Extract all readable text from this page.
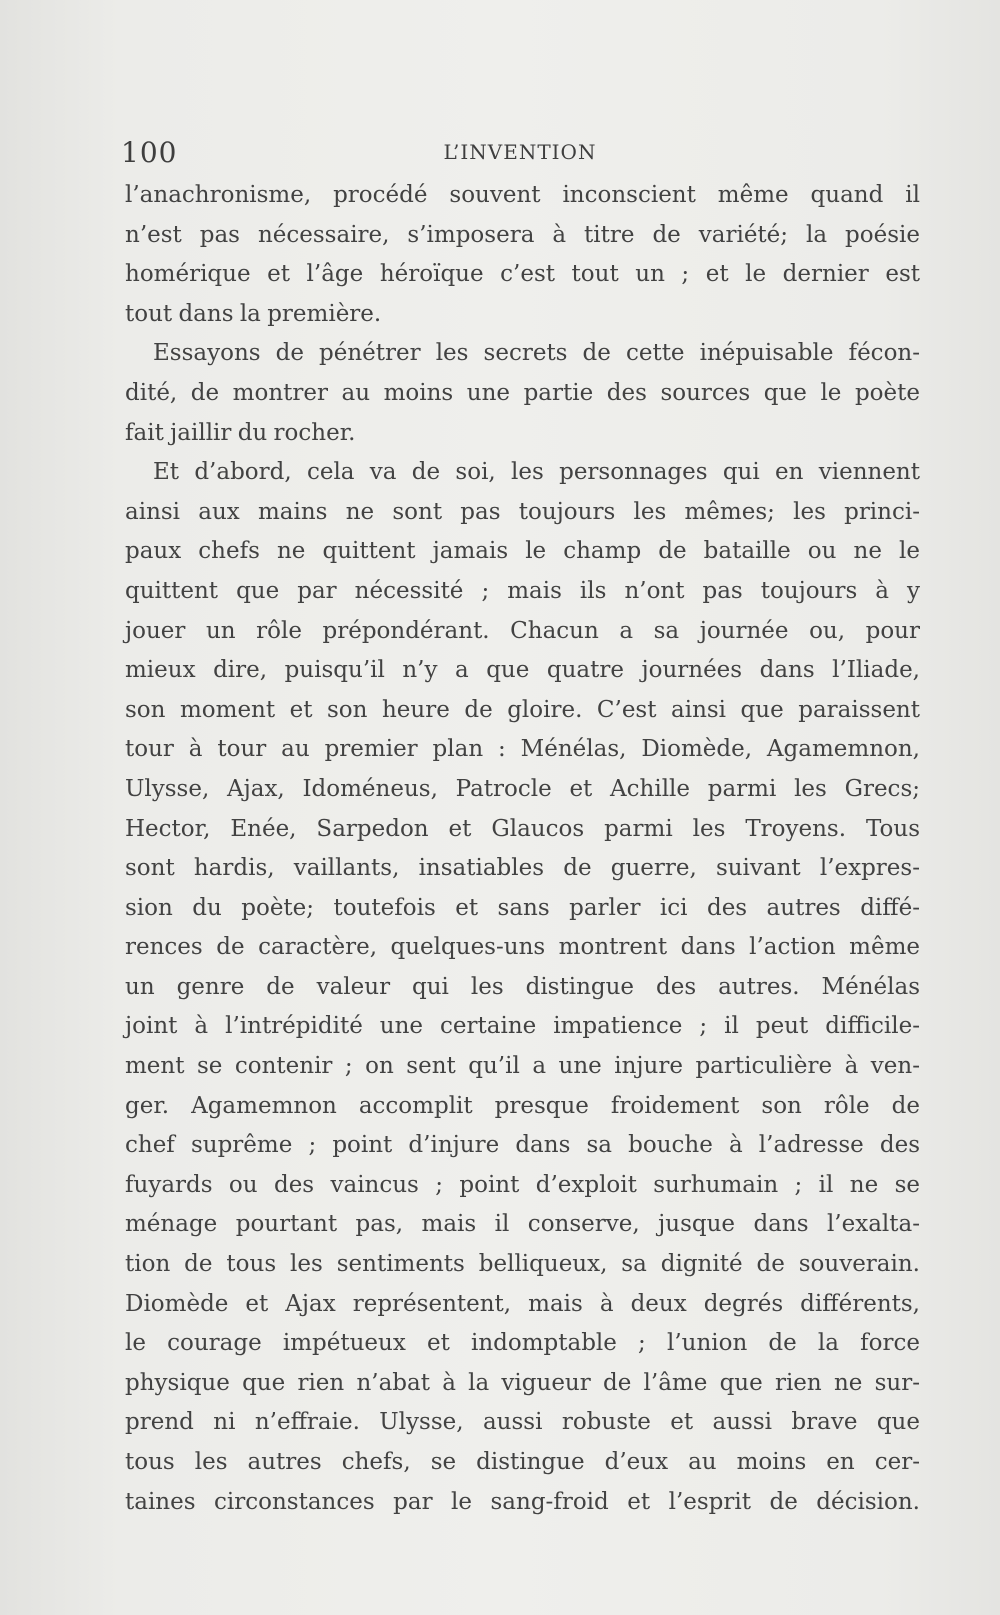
100	L’INVENTION
l’anachronisme, procédé souvent inconscient même quand il
n’est pas nécessaire, s’imposera à titre de variété; la poésie
homérique et l’âge héroïque c’est tout un ; et le dernier est
tout dans la première.
Essayons de pénétrer les secrets de cette inépuisable fécon-
dité, de montrer au moins une partie des sources que le poète
fait jaillir du rocher.
Et d’abord, cela va de soi, les personnages qui en viennent
ainsi aux mains ne sont pas toujours les mêmes; les princi-
paux chefs ne quittent jamais le champ de bataille ou ne le
quittent que par nécessité ; mais ils n’ont pas toujours à y
jouer un rôle prépondérant. Chacun a sa journée ou, pour
mieux dire, puisqu’il n’y a que quatre journées dans l’Iliade,
son moment et son heure de gloire. C’est ainsi que paraissent
tour à tour au premier plan : Ménélas, Diomède, Agamemnon,
Ulysse, Ajax, Idoméneus, Patrocle et Achille parmi les Grecs;
Hector, Enée, Sarpedon et Glaucos parmi les Troyens. Tous
sont hardis, vaillants, insatiables de guerre, suivant l’expres-
sion du poète; toutefois et sans parler ici des autres diffé-
rences de caractère, quelques-uns montrent dans l’action même
un genre de valeur qui les distingue des autres. Ménélas
joint à l’intrépidité une certaine impatience ; il peut difficile-
ment se contenir ; on sent qu’il a une injure particulière à ven-
ger. Agamemnon accomplit presque froidement son rôle de
chef suprême ; point d’injure dans sa bouche à l’adresse des
fuyards ou des vaincus ; point d’exploit surhumain ; il ne se
ménage pourtant pas, mais il conserve, jusque dans l’exalta-
tion de tous les sentiments belliqueux, sa dignité de souverain.
Diomède et Ajax représentent, mais à deux degrés différents,
le courage impétueux et indomptable ; l’union de la force
physique que rien n’abat à la vigueur de l’âme que rien ne sur-
prend ni n’effraie. Ulysse, aussi robuste et aussi brave que
tous les autres chefs, se distingue d’eux au moins en cer-
taines circonstances par le sang-froid et l’esprit de décision.
